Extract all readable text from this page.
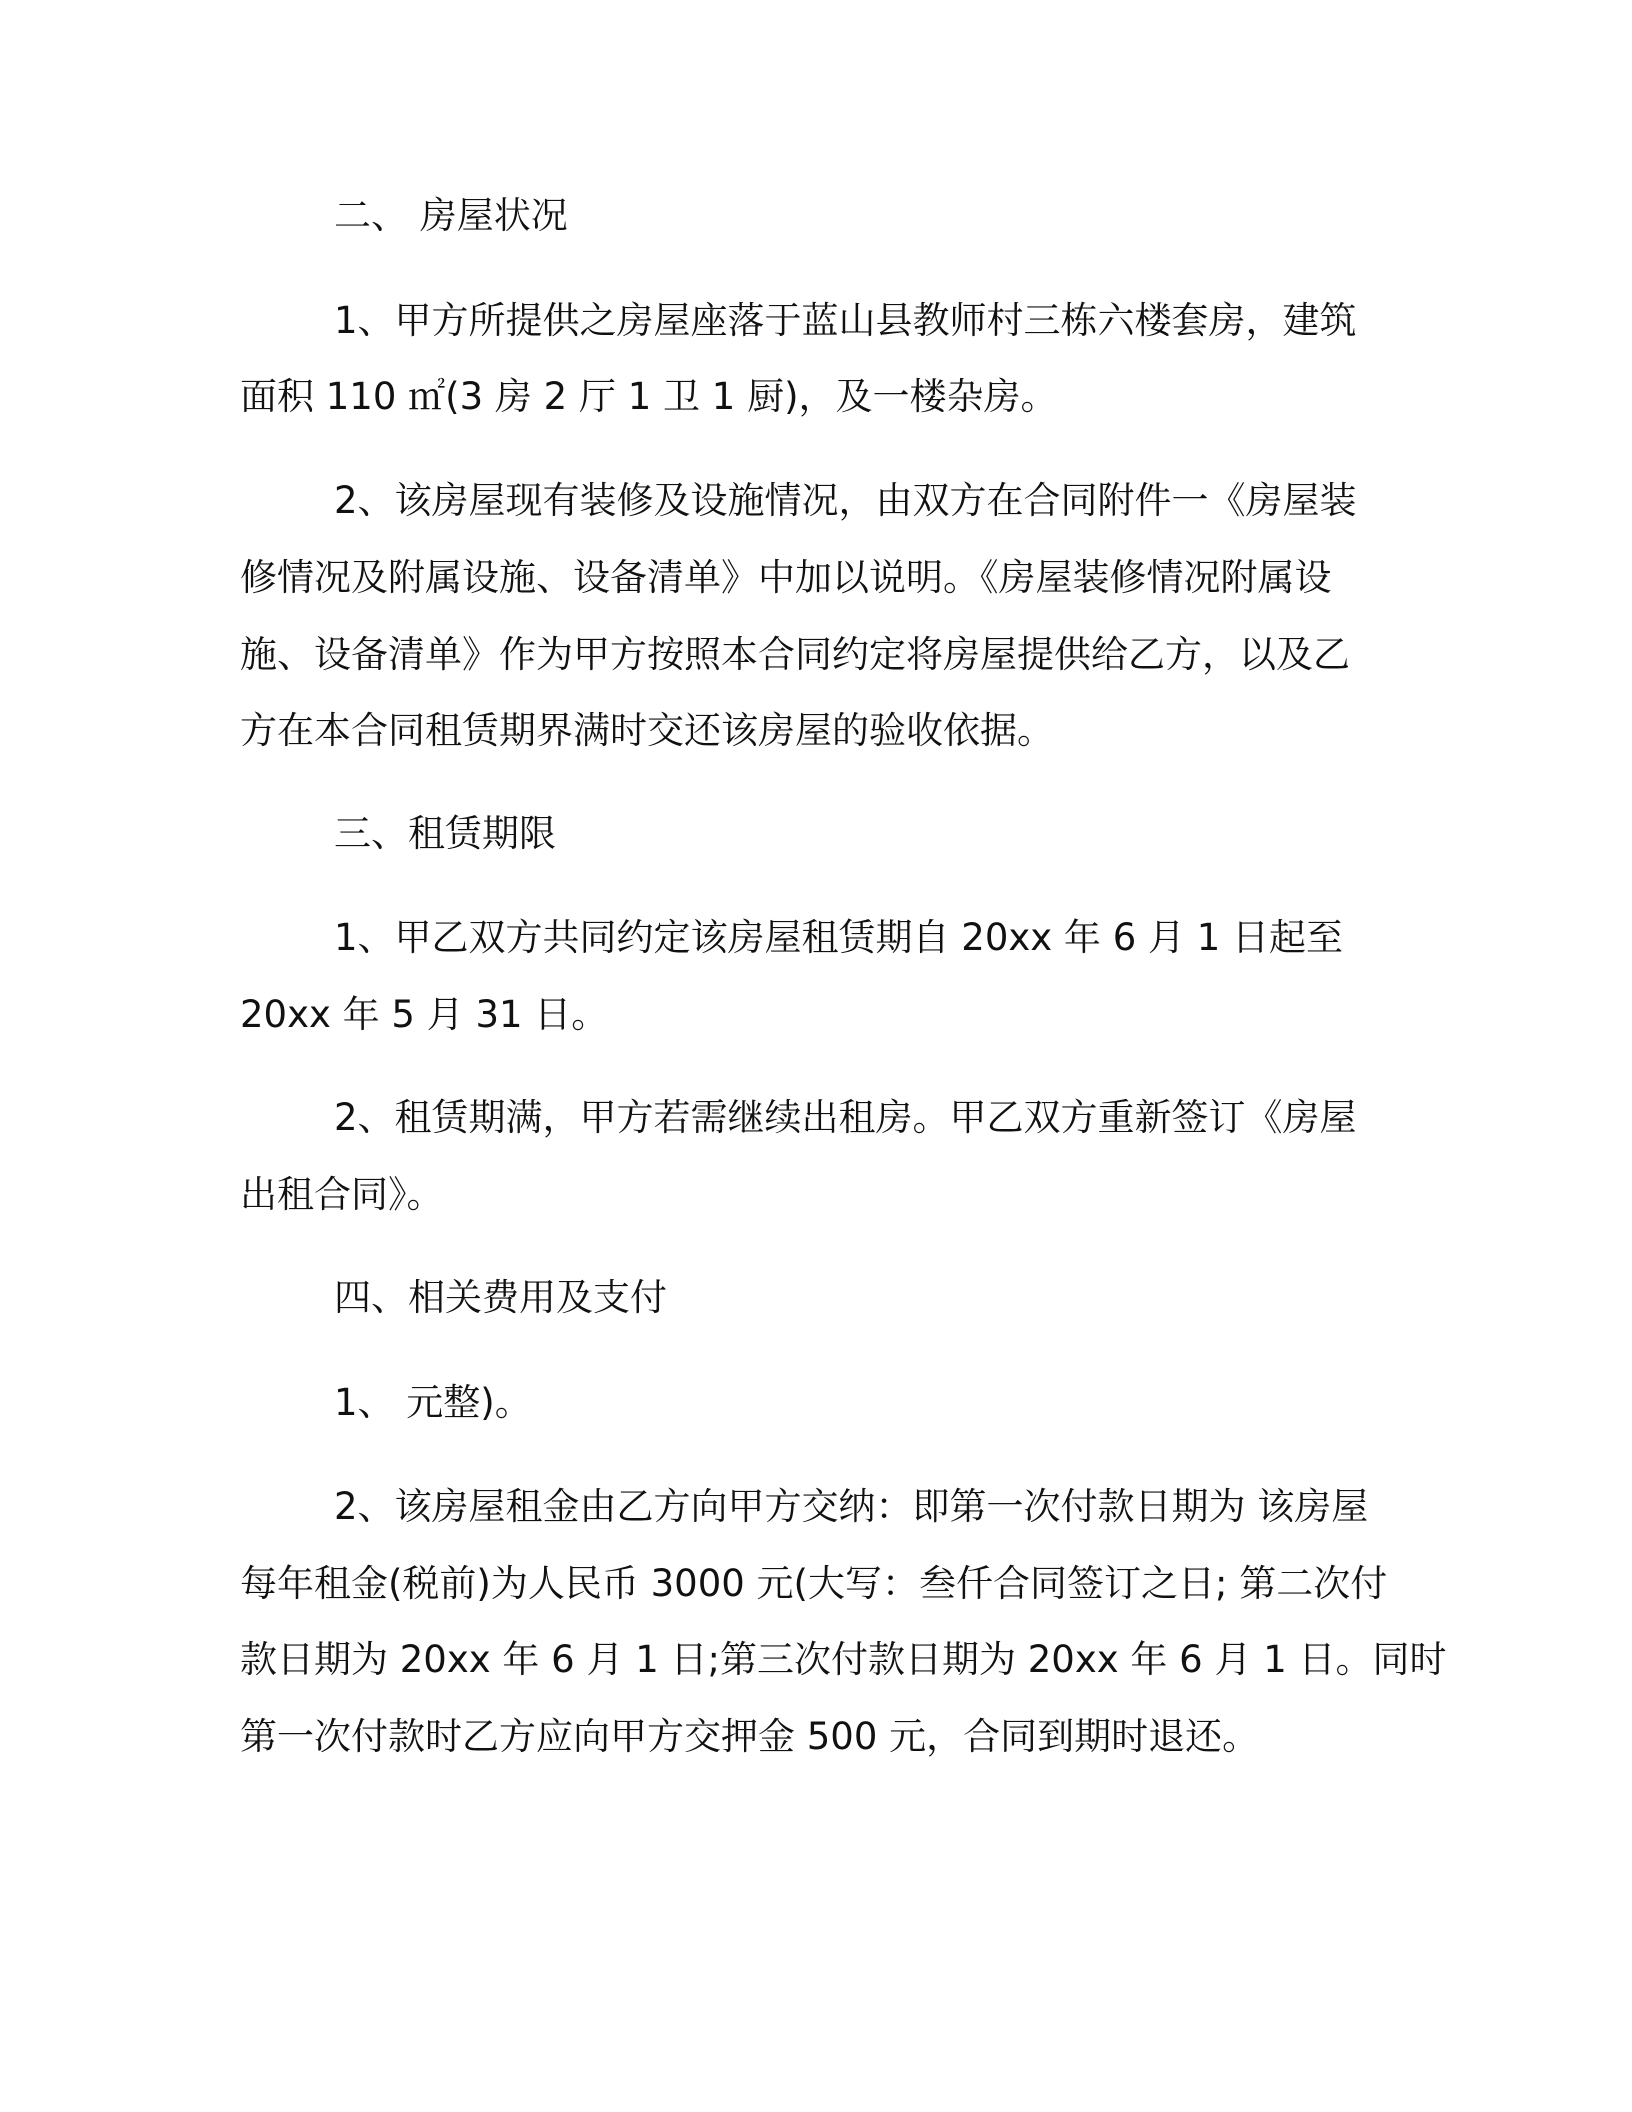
二、 房屋状况

1、甲方所提供之房屋座落于蓝山县教师村三栋六楼套房，建筑

面积 110 ㎡(3 房 2 厅 1 卫 1 厨)，及一楼杂房。

2、该房屋现有装修及设施情况，由双方在合同附件一《房屋装

修情况及附属设施、设备清单》中加以说明。《房屋装修情况附属设

施、设备清单》作为甲方按照本合同约定将房屋提供给乙方，以及乙

方在本合同租赁期界满时交还该房屋的验收依据。

三、租赁期限

1、甲乙双方共同约定该房屋租赁期自 20xx 年 6 月 1 日起至

20xx 年 5 月 31 日。

2、租赁期满，甲方若需继续出租房。甲乙双方重新签订《房屋

出租合同》。

四、相关费用及支付

1、 元整)。

2、该房屋租金由乙方向甲方交纳：即第一次付款日期为 该房屋

每年租金(税前)为人民币 3000 元(大写：叁仟合同签订之日; 第二次付

款日期为 20xx 年 6 月 1 日;第三次付款日期为 20xx 年 6 月 1 日。同时

第一次付款时乙方应向甲方交押金 500 元，合同到期时退还。
